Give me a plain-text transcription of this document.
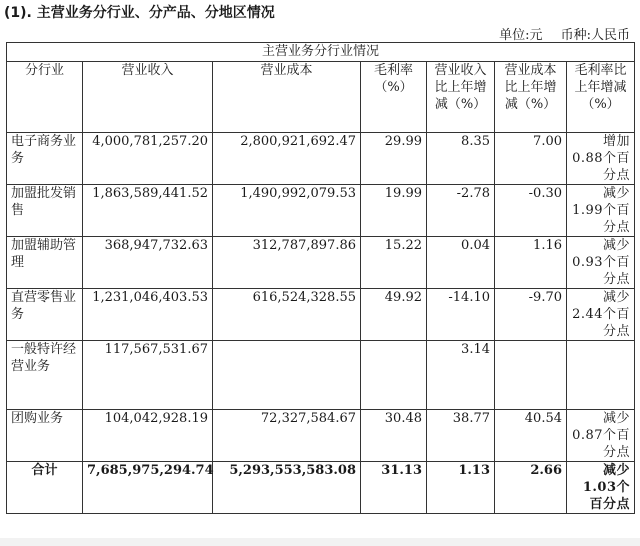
(1). 主营业务分行业、分产品、分地区情况
单位:元 币种:人民币
主营业务分行业情况						
分行业	营业收入	营业成本	毛利率（%）	营业收入比上年增减（%）	营业成本比上年增减（%）	毛利率比上年增减（%）
电子商务业务	4,000,781,257.20	2,800,921,692.47	29.99	8.35	7.00	增加 0.88个百分点
加盟批发销售	1,863,589,441.52	1,490,992,079.53	19.99	-2.78	-0.30	减少 1.99个百分点
加盟辅助管理	368,947,732.63	312,787,897.86	15.22	0.04	1.16	减少 0.93个百分点
直营零售业务	1,231,046,403.53	616,524,328.55	49.92	-14.10	-9.70	减少 2.44个百分点
一般特许经营业务	117,567,531.67			3.14		
团购业务	104,042,928.19	72,327,584.67	30.48	38.77	40.54	减少 0.87个百分点
合计	7,685,975,294.74	5,293,553,583.08	31.13	1.13	2.66	减少 1.03个百分点
